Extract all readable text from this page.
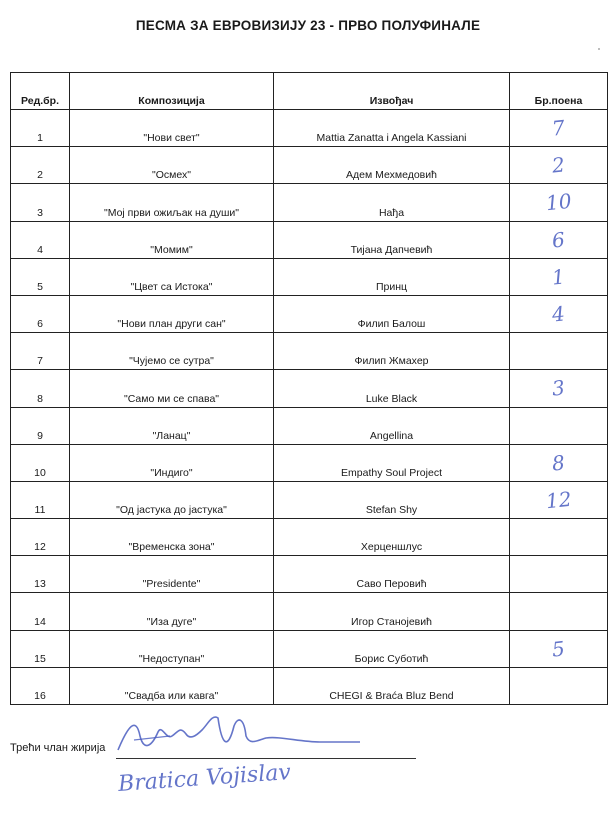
ПЕСМА ЗА ЕВРОВИЗИЈУ 23 - ПРВО ПОЛУФИНАЛЕ
Ред.бр.	Композиција	Извођач	Бр.поена
1	"Нови свет"	Mattia Zanatta i Angela Kassiani	7
2	"Осмех"	Адем Мехмедовић	2
3	"Мој први ожиљак на души"	Нађа	10
4	"Момим"	Тијана Дапчевић	6
5	"Цвет са Истока"	Принц	1
6	"Нови план други сан"	Филип Балош	4
7	"Чујемо се сутра"	Филип Жмахер	
8	"Само ми се спава"	Luke Black	3
9	"Ланац"	Angellina	
10	"Индиго"	Empathy Soul Project	8
11	"Од јастука до јастука"	Stefan Shy	12
12	"Временска зона"	Херценшлус	
13	"Presidente"	Саво Перовић	
14	"Иза дуге"	Игор Станојевић	
15	"Недоступан"	Борис Суботић	5
16	"Свадба или кавга"	CHEGI & Braća Bluz Bend	
Трећи члан жирија
Bratica Vojislav
